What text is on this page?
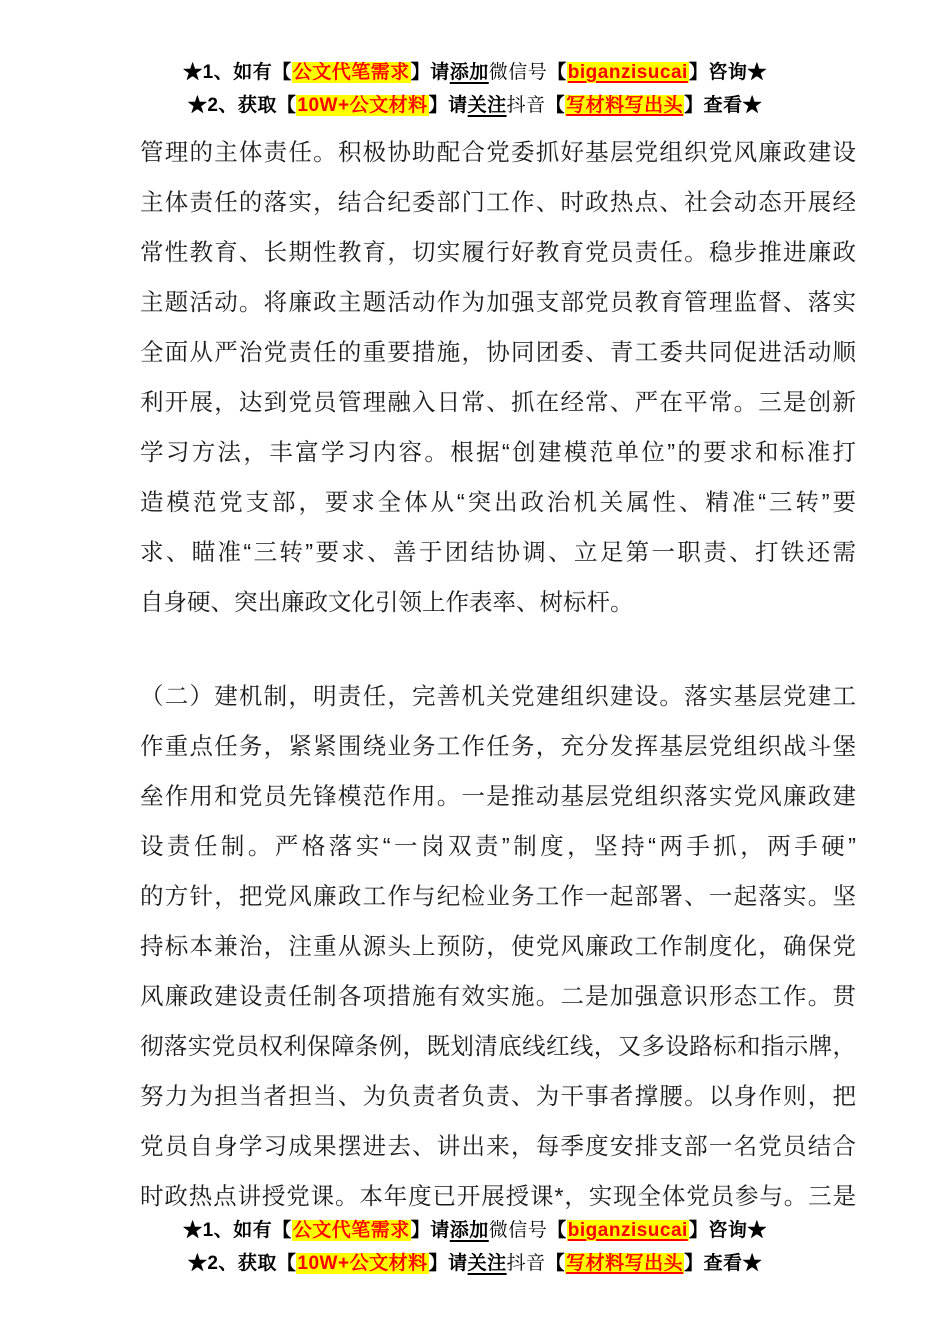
★1、如有【公文代笔需求】请添加微信号【biganzisucai】咨询★
★2、获取【10W+公文材料】请关注抖音【写材料写出头】查看★
管理的主体责任。积极协助配合党委抓好基层党组织党风廉政建设
主体责任的落实，结合纪委部门工作、时政热点、社会动态开展经
常性教育、长期性教育，切实履行好教育党员责任。稳步推进廉政
主题活动。将廉政主题活动作为加强支部党员教育管理监督、落实
全面从严治党责任的重要措施，协同团委、青工委共同促进活动顺
利开展，达到党员管理融入日常、抓在经常、严在平常。三是创新
学习方法，丰富学习内容。根据“创建模范单位”的要求和标准打
造模范党支部，要求全体从“突出政治机关属性、精准“三转”要
求、瞄准“三转”要求、善于团结协调、立足第一职责、打铁还需
自身硬、突出廉政文化引领上作表率、树标杆。
（二）建机制，明责任，完善机关党建组织建设。落实基层党建工
作重点任务，紧紧围绕业务工作任务，充分发挥基层党组织战斗堡
垒作用和党员先锋模范作用。一是推动基层党组织落实党风廉政建
设责任制。严格落实“一岗双责”制度，坚持“两手抓，两手硬”
的方针，把党风廉政工作与纪检业务工作一起部署、一起落实。坚
持标本兼治，注重从源头上预防，使党风廉政工作制度化，确保党
风廉政建设责任制各项措施有效实施。二是加强意识形态工作。贯
彻落实党员权利保障条例，既划清底线红线，又多设路标和指示牌，
努力为担当者担当、为负责者负责、为干事者撑腰。以身作则，把
党员自身学习成果摆进去、讲出来，每季度安排支部一名党员结合
时政热点讲授党课。本年度已开展授课*，实现全体党员参与。三是
★1、如有【公文代笔需求】请添加微信号【biganzisucai】咨询★
★2、获取【10W+公文材料】请关注抖音【写材料写出头】查看★
